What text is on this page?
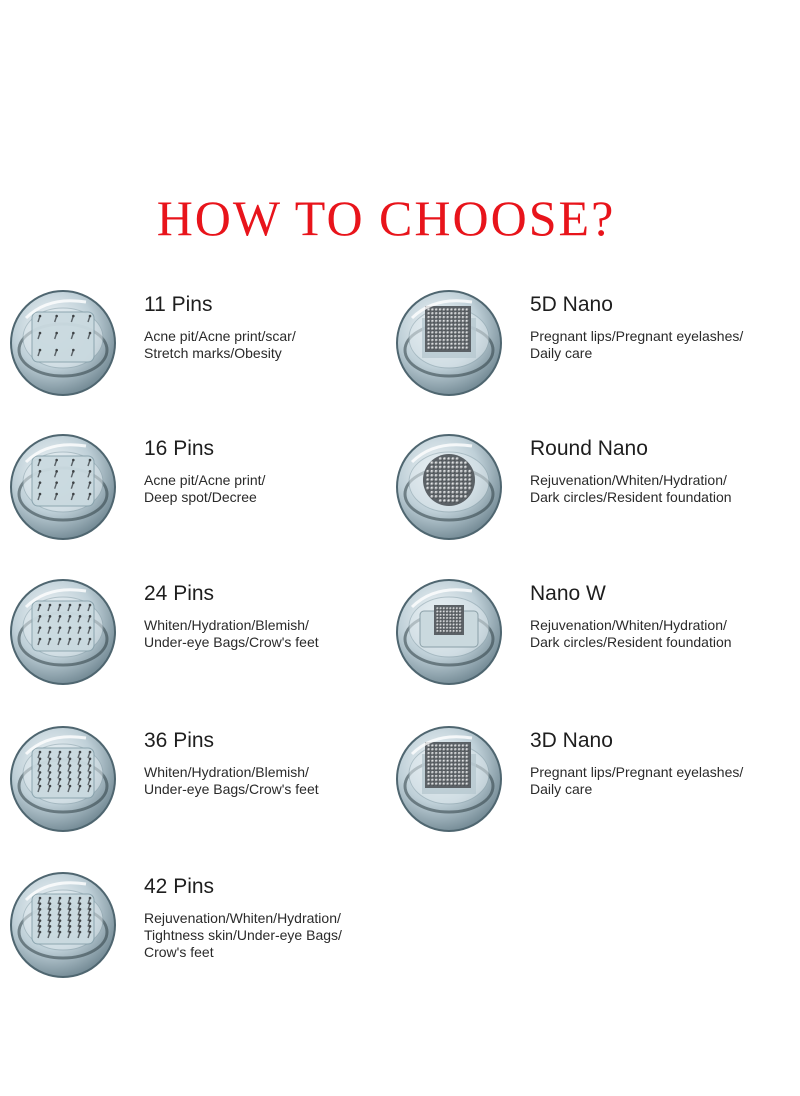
HOW TO CHOOSE?
11 Pins
Acne pit/Acne print/scar/
Stretch marks/Obesity
16 Pins
Acne pit/Acne print/
Deep spot/Decree
24 Pins
Whiten/Hydration/Blemish/
Under-eye Bags/Crow's feet
36 Pins
Whiten/Hydration/Blemish/
Under-eye Bags/Crow's feet
42 Pins
Rejuvenation/Whiten/Hydration/
Tightness skin/Under-eye Bags/
Crow's feet
5D Nano
Pregnant lips/Pregnant eyelashes/
Daily care
Round Nano
Rejuvenation/Whiten/Hydration/
Dark circles/Resident foundation
Nano W
Rejuvenation/Whiten/Hydration/
Dark circles/Resident foundation
3D Nano
Pregnant lips/Pregnant eyelashes/
Daily care
